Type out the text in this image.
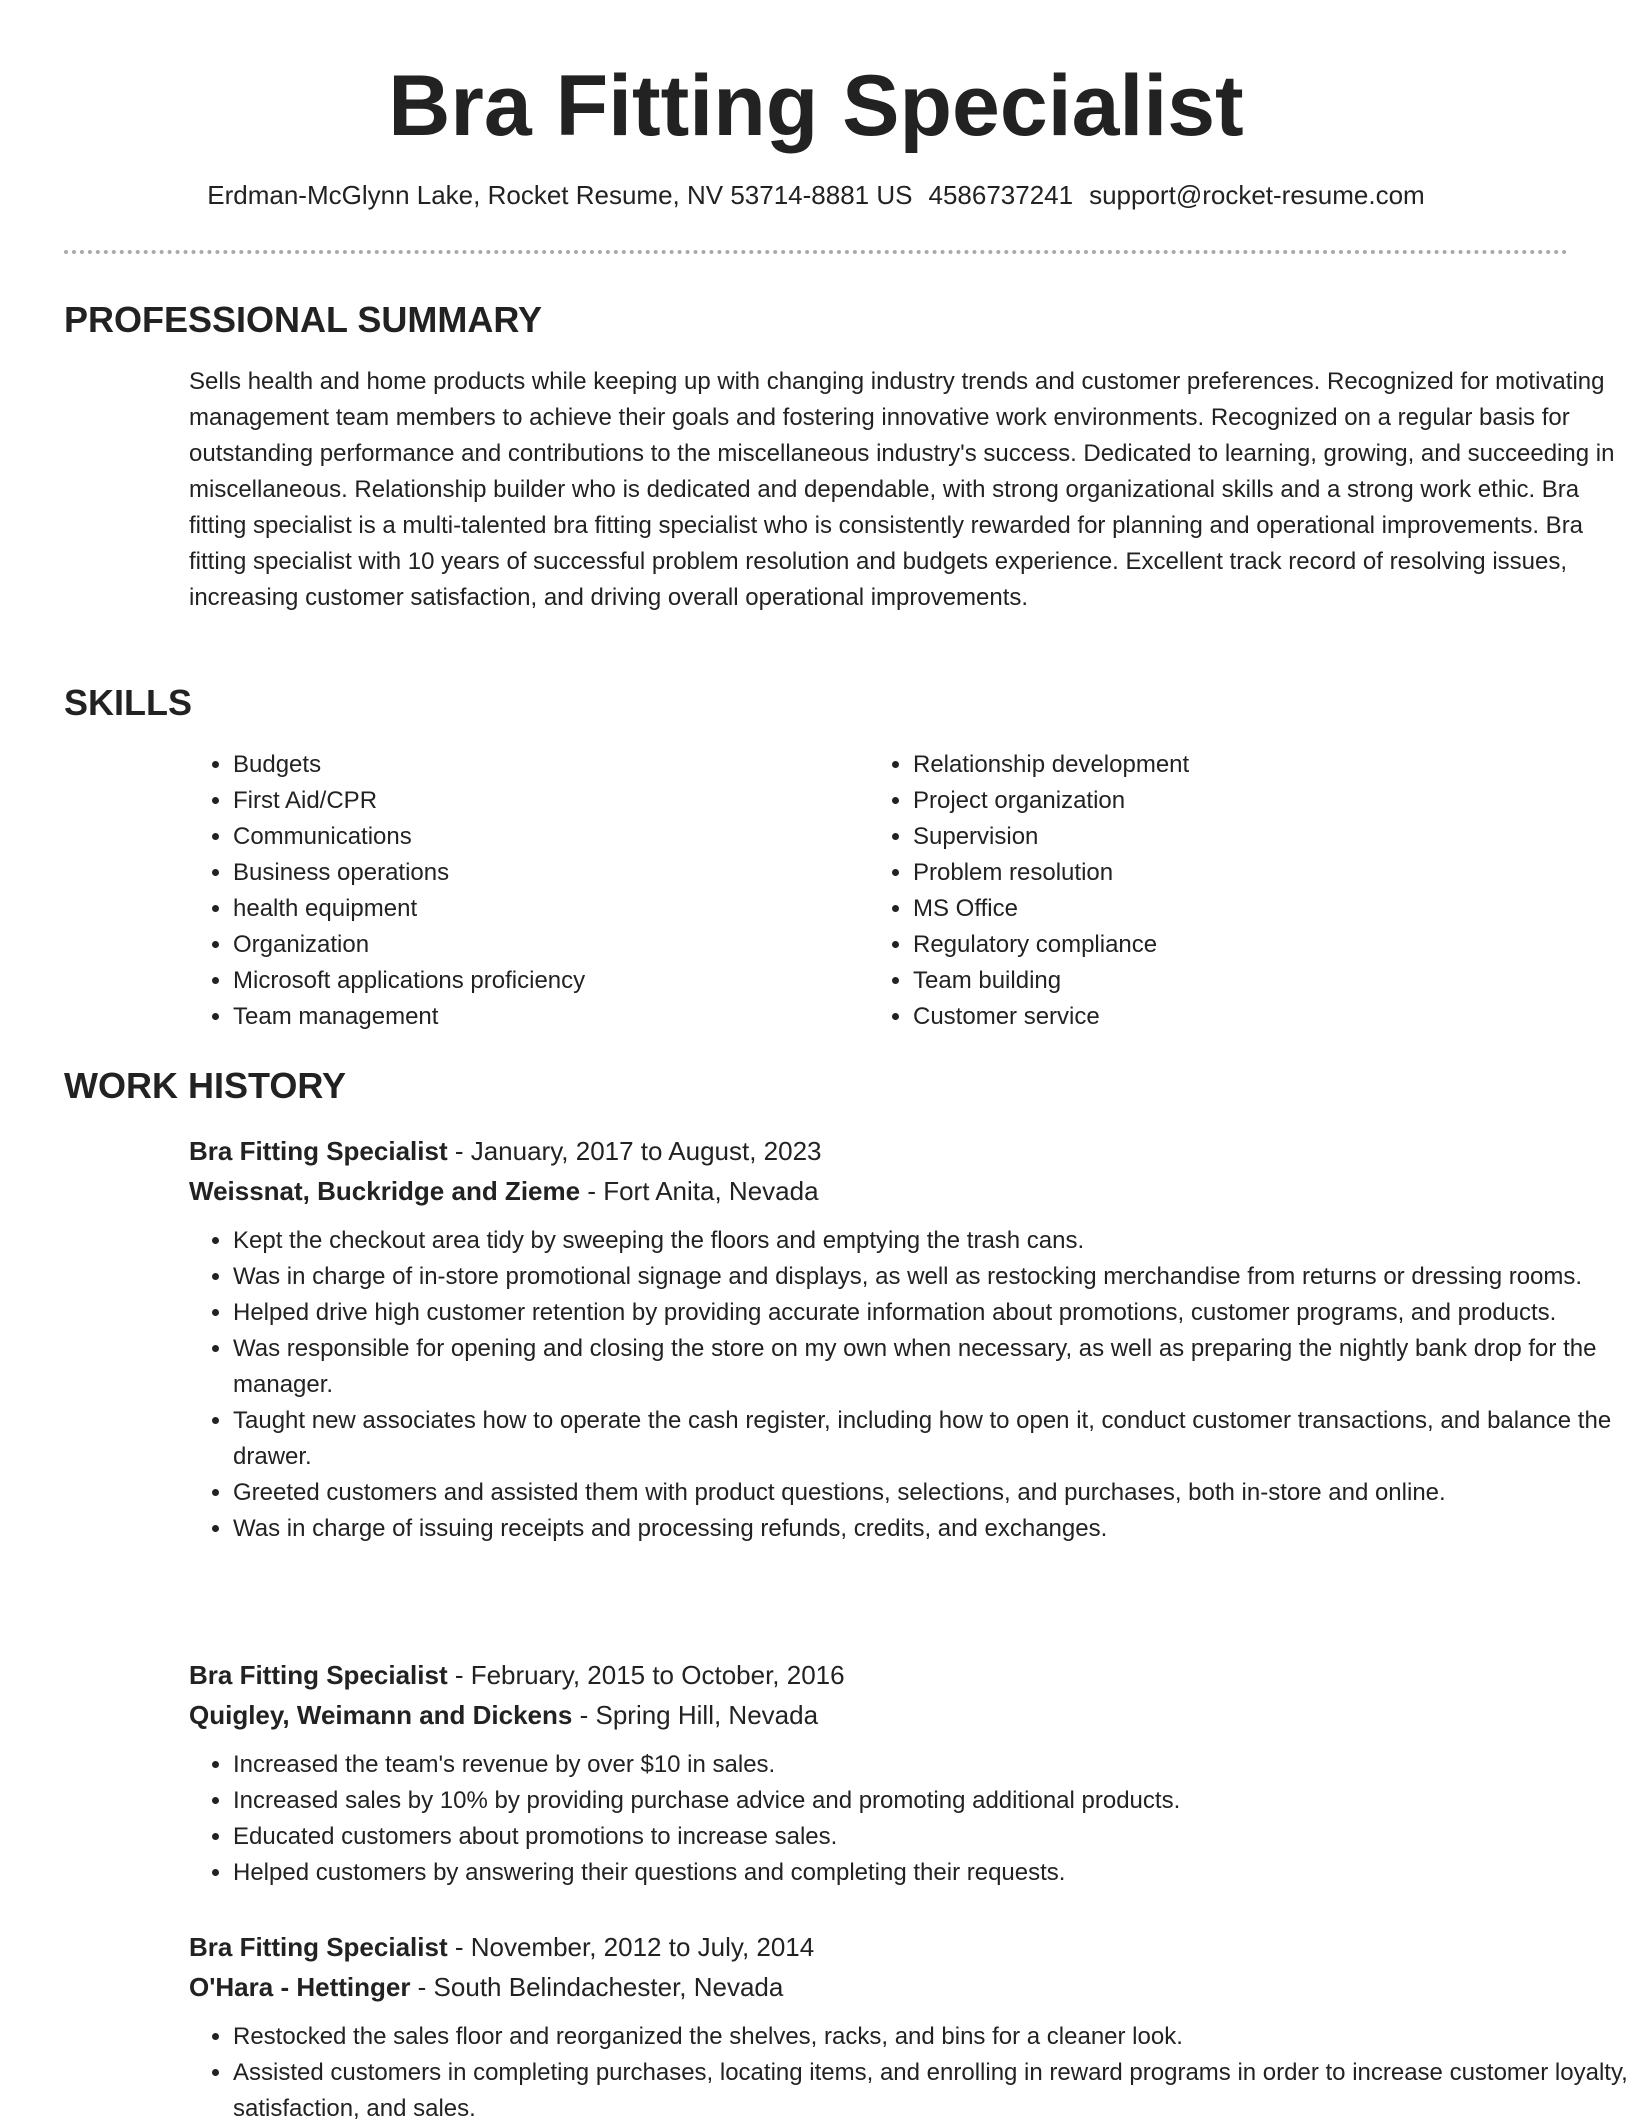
Bra Fitting Specialist
Erdman-McGlynn Lake, Rocket Resume, NV 53714-8881 US 4586737241 support@rocket-resume.com
PROFESSIONAL SUMMARY

Sells health and home products while keeping up with changing industry trends and customer preferences. Recognized for motivating management team members to achieve their goals and fostering innovative work environments. Recognized on a regular basis for outstanding performance and contributions to the miscellaneous industry's success. Dedicated to learning, growing, and succeeding in miscellaneous. Relationship builder who is dedicated and dependable, with strong organizational skills and a strong work ethic. Bra fitting specialist is a multi-talented bra fitting specialist who is consistently rewarded for planning and operational improvements. Bra fitting specialist with 10 years of successful problem resolution and budgets experience. Excellent track record of resolving issues, increasing customer satisfaction, and driving overall operational improvements.

SKILLS
• Budgets
• First Aid/CPR
• Communications
• Business operations
• health equipment
• Organization
• Microsoft applications proficiency
• Team management
• Relationship development
• Project organization
• Supervision
• Problem resolution
• MS Office
• Regulatory compliance
• Team building
• Customer service
WORK HISTORY

Bra Fitting Specialist - January, 2017 to August, 2023

Weissnat, Buckridge and Zieme - Fort Anita, Nevada

• Kept the checkout area tidy by sweeping the floors and emptying the trash cans.
• Was in charge of in-store promotional signage and displays, as well as restocking merchandise from returns or dressing rooms.
• Helped drive high customer retention by providing accurate information about promotions, customer programs, and products.
• Was responsible for opening and closing the store on my own when necessary, as well as preparing the nightly bank drop for the manager.
• Taught new associates how to operate the cash register, including how to open it, conduct customer transactions, and balance the drawer.
• Greeted customers and assisted them with product questions, selections, and purchases, both in-store and online.
• Was in charge of issuing receipts and processing refunds, credits, and exchanges.

Bra Fitting Specialist - February, 2015 to October, 2016

Quigley, Weimann and Dickens - Spring Hill, Nevada

• Increased the team's revenue by over $10 in sales.
• Increased sales by 10% by providing purchase advice and promoting additional products.
• Educated customers about promotions to increase sales.
• Helped customers by answering their questions and completing their requests.

Bra Fitting Specialist - November, 2012 to July, 2014

O'Hara - Hettinger - South Belindachester, Nevada

• Restocked the sales floor and reorganized the shelves, racks, and bins for a cleaner look.
• Assisted customers in completing purchases, locating items, and enrolling in reward programs in order to increase customer loyalty, satisfaction, and sales.
